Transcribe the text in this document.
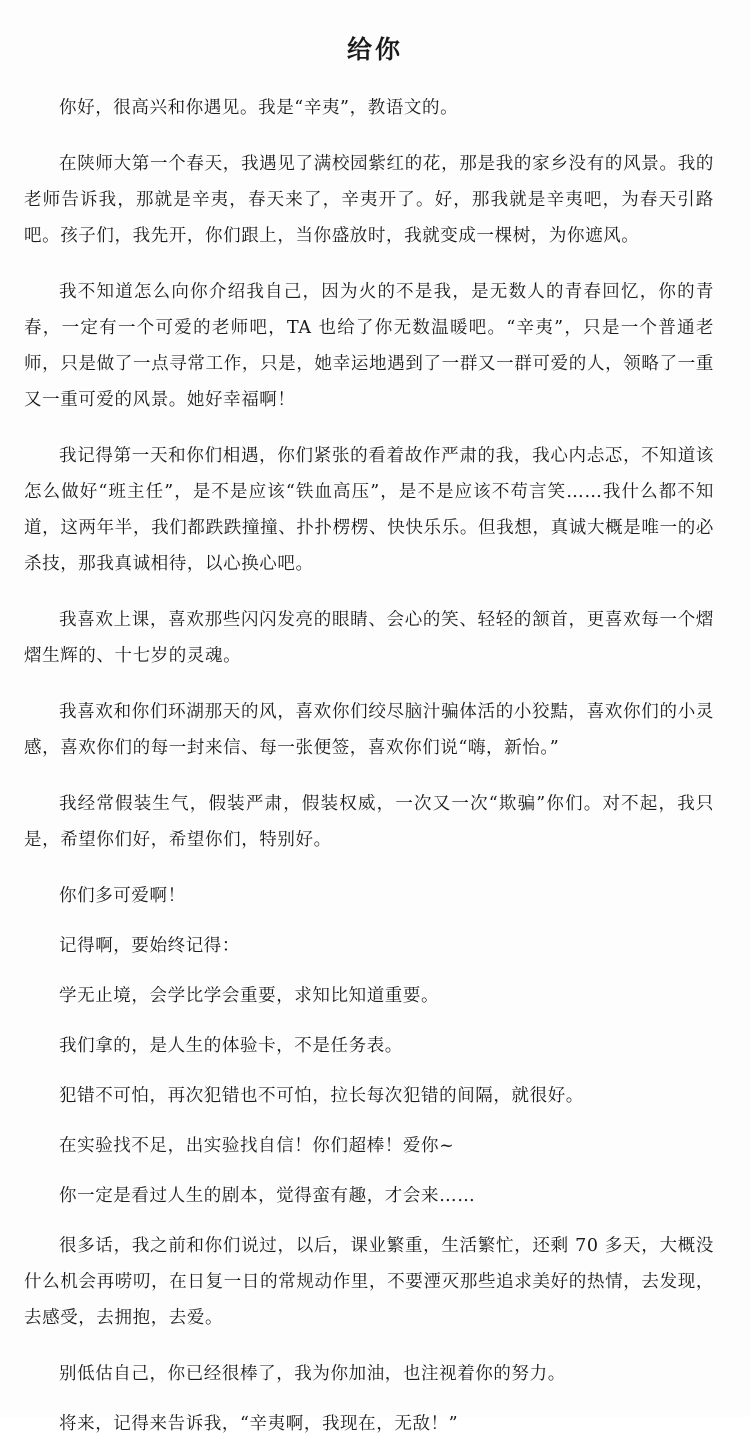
给你

你好，很高兴和你遇见。我是“辛夷”，教语文的。

在陕师大第一个春天，我遇见了满校园紫红的花，那是我的家乡没有的风景。我的老师告诉我，那就是辛夷，春天来了，辛夷开了。好，那我就是辛夷吧，为春天引路吧。孩子们，我先开，你们跟上，当你盛放时，我就变成一棵树，为你遮风。

我不知道怎么向你介绍我自己，因为火的不是我，是无数人的青春回忆，你的青春，一定有一个可爱的老师吧，TA 也给了你无数温暖吧。“辛夷”，只是一个普通老师，只是做了一点寻常工作，只是，她幸运地遇到了一群又一群可爱的人，领略了一重又一重可爱的风景。她好幸福啊！

我记得第一天和你们相遇，你们紧张的看着故作严肃的我，我心内忐忑，不知道该怎么做好“班主任”，是不是应该“铁血高压”，是不是应该不苟言笑……我什么都不知道，这两年半，我们都跌跌撞撞、扑扑楞楞、快快乐乐。但我想，真诚大概是唯一的必杀技，那我真诚相待，以心换心吧。

我喜欢上课，喜欢那些闪闪发亮的眼睛、会心的笑、轻轻的颔首，更喜欢每一个熠熠生辉的、十七岁的灵魂。

我喜欢和你们环湖那天的风，喜欢你们绞尽脑汁骗体活的小狡黠，喜欢你们的小灵感，喜欢你们的每一封来信、每一张便签，喜欢你们说“嗨，新怡。”

我经常假装生气，假装严肃，假装权威，一次又一次“欺骗”你们。对不起，我只是，希望你们好，希望你们，特别好。

你们多可爱啊！

记得啊，要始终记得：

学无止境，会学比学会重要，求知比知道重要。

我们拿的，是人生的体验卡，不是任务表。

犯错不可怕，再次犯错也不可怕，拉长每次犯错的间隔，就很好。

在实验找不足，出实验找自信！你们超棒！爱你~

你一定是看过人生的剧本，觉得蛮有趣，才会来……

很多话，我之前和你们说过，以后，课业繁重，生活繁忙，还剩 70 多天，大概没什么机会再唠叨，在日复一日的常规动作里，不要湮灭那些追求美好的热情，去发现，去感受，去拥抱，去爱。

别低估自己，你已经很棒了，我为你加油，也注视着你的努力。

将来，记得来告诉我，“辛夷啊，我现在，无敌！”
